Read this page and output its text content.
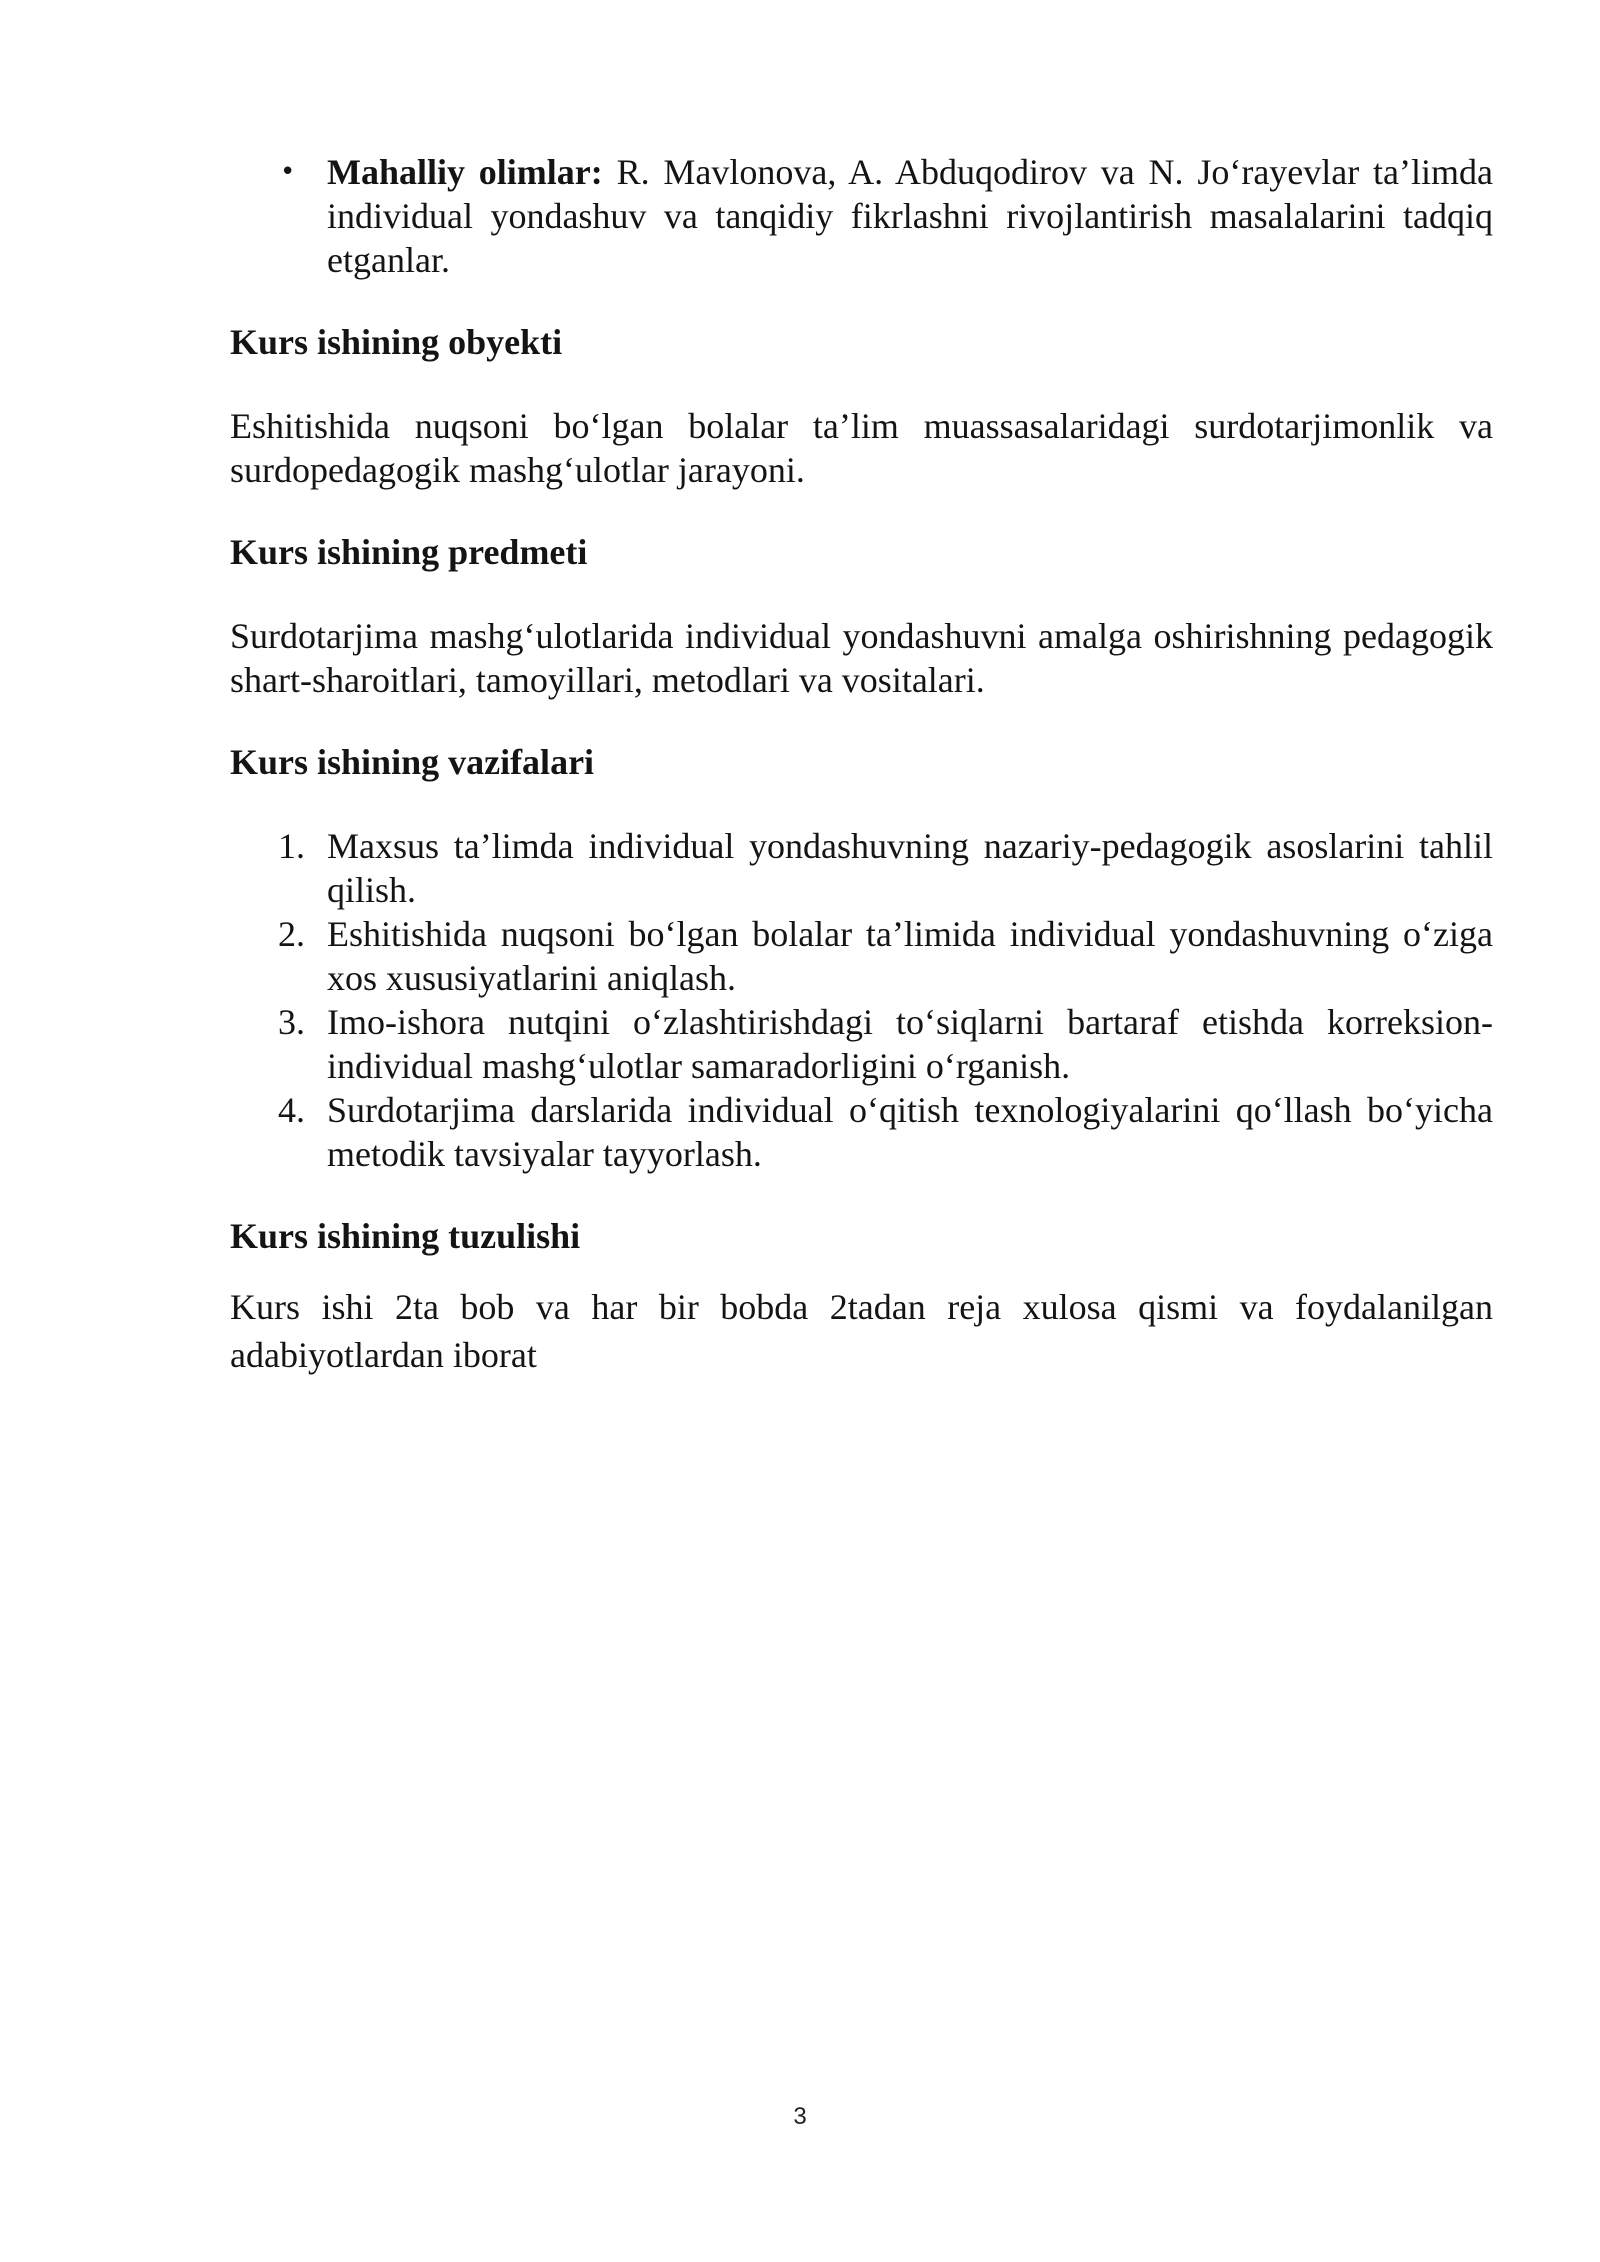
• Mahalliy olimlar: R. Mavlonova, A. Abduqodirov va N. Jo‘rayevlar ta’limda individual yondashuv va tanqidiy fikrlashni rivojlantirish masalalarini tadqiq etganlar.

Kurs ishining obyekti

Eshitishida nuqsoni bo‘lgan bolalar ta’lim muassasalaridagi surdotarjimonlik va surdopedagogik mashg‘ulotlar jarayoni.

Kurs ishining predmeti

Surdotarjima mashg‘ulotlarida individual yondashuvni amalga oshirishning pedagogik shart-sharoitlari, tamoyillari, metodlari va vositalari.

Kurs ishining vazifalari

1. Maxsus ta’limda individual yondashuvning nazariy-pedagogik asoslarini tahlil qilish.
2. Eshitishida nuqsoni bo‘lgan bolalar ta’limida individual yondashuvning o‘ziga xos xususiyatlarini aniqlash.
3. Imo-ishora nutqini o‘zlashtirishdagi to‘siqlarni bartaraf etishda korreksion-individual mashg‘ulotlar samaradorligini o‘rganish.
4. Surdotarjima darslarida individual o‘qitish texnologiyalarini qo‘llash bo‘yicha metodik tavsiyalar tayyorlash.

Kurs ishining tuzulishi

Kurs ishi 2ta bob va har bir bobda 2tadan reja xulosa qismi va foydalanilgan adabiyotlardan iborat

3
